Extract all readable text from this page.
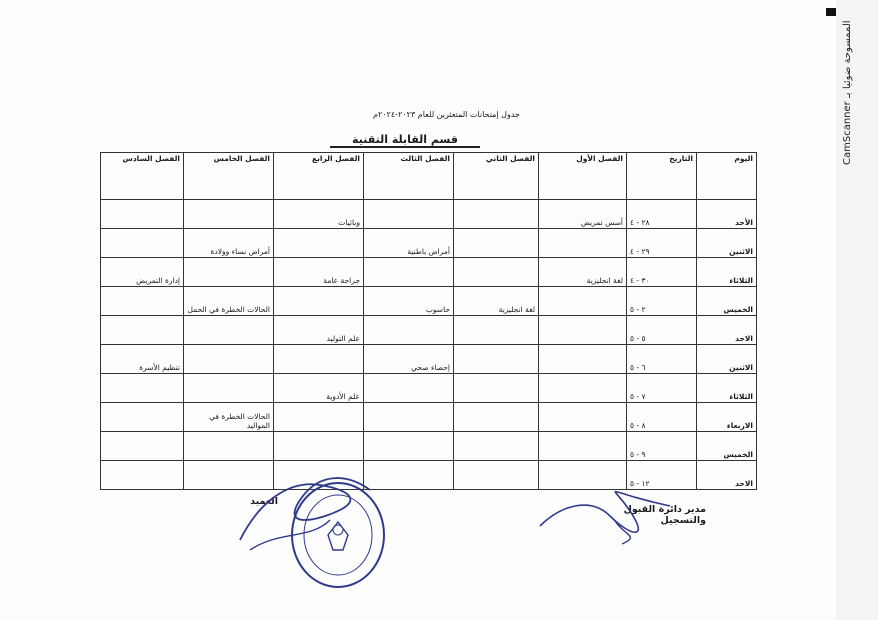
الممسوحة ضوئيا بـ CamScanner
جدول إمتحانات المتعثرين للعام ٢٠٢٣-٢٠٢٤م
قسم القابلة التقنية
اليوم	التاريخ	الفصل الأول	الفصل الثاني	الفصل الثالث	الفصل الرابع	الفصل الخامس	الفصل السادس
الأحد	٢٨ - ٤	أسس تمريض			وبائيات		
الاثنين	٢٩ - ٤			أمراض باطنية		أمراض نساء وولادة	
الثلاثاء	٣٠ - ٤	لغة انجليزية			جراحة عامة		إدارة التمريض
الخميس	٢ - ٥		لغة انجليزية	حاسوب		الحالات الخطرة في الحمل	
الاحد	٥ - ٥				علم التوليد		
الاثنين	٦ - ٥			إحصاء صحي			تنظيم الأسرة
الثلاثاء	٧ - ٥				علم الأدوية		
الاربعاء	٨ - ٥					الحالات الخطرة في المواليد	
الخميس	٩ - ٥						
الاحد	١٢ - ٥						
مدير دائرة القبول والتسجيل
العميد
